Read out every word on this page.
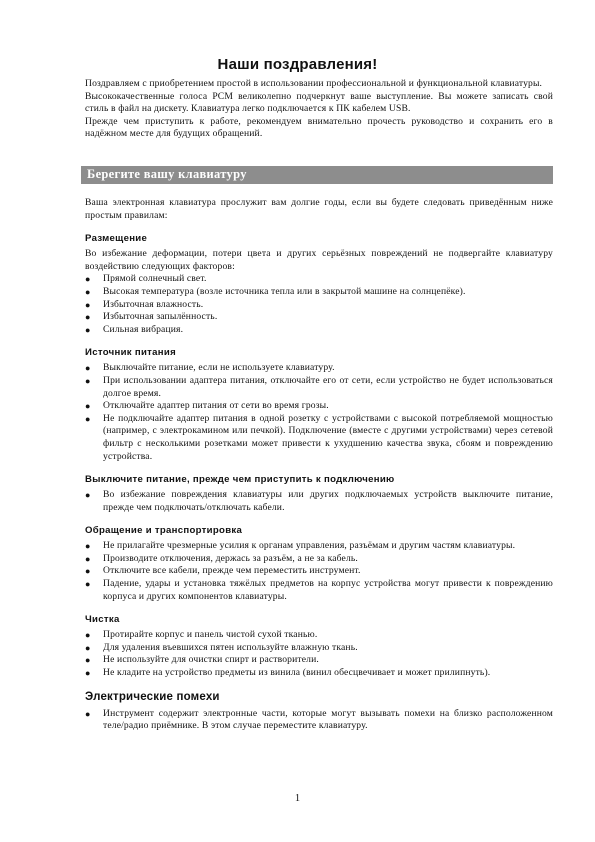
Наши поздравления!

Поздравляем с приобретением простой в использовании профессиональной и функциональной клавиатуры.

Высококачественные голоса PCM великолепно подчеркнут ваше выступление. Вы можете записать свой стиль в файл на дискету. Клавиатура легко подключается к ПК кабелем USB.

Прежде чем приступить к работе, рекомендуем внимательно прочесть руководство и сохранить его в надёжном месте для будущих обращений.

Берегите вашу клавиатуру

Ваша электронная клавиатура прослужит вам долгие годы, если вы будете следовать приведённым ниже простым правилам:

Размещение

Во избежание деформации, потери цвета и других серьёзных повреждений не подвергайте клавиатуру воздействию следующих факторов:

●	Прямой солнечный свет.
●	Высокая температура (возле источника тепла или в закрытой машине на солнцепёке).
●	Избыточная влажность.
●	Избыточная запылённость.
●	Сильная вибрация.

Источник питания

●	Выключайте питание, если не используете клавиатуру.
●	При использовании адаптера питания, отключайте его от сети, если устройство не будет использоваться долгое время.
●	Отключайте адаптер питания от сети во время грозы.
●	Не подключайте адаптер питания в одной розетку с устройствами с высокой потребляемой мощностью (например, с электрокамином или печкой). Подключение (вместе с другими устройствами) через сетевой фильтр с несколькими розетками может привести к ухудшению качества звука, сбоям и повреждению устройства.

Выключите питание, прежде чем приступить к подключению

●	Во избежание повреждения клавиатуры или других подключаемых устройств выключите питание, прежде чем подключать/отключать кабели.

Обращение и транспортировка

●	Не прилагайте чрезмерные усилия к органам управления, разъёмам и другим частям клавиатуры.
●	Производите отключения, держась за разъём, а не за кабель.
●	Отключите все кабели, прежде чем переместить инструмент.
●	Падение, удары и установка тяжёлых предметов на корпус устройства могут привести к повреждению корпуса и других компонентов клавиатуры.

Чистка

●	Протирайте корпус и панель чистой сухой тканью.
●	Для удаления въевшихся пятен используйте влажную ткань.
●	Не используйте для очистки спирт и растворители.
●	Не кладите на устройство предметы из винила (винил обесцвечивает и может прилипнуть).

Электрические помехи

●	Инструмент содержит электронные части, которые могут вызывать помехи на близко расположенном теле/радио приёмнике. В этом случае переместите клавиатуру.
1
